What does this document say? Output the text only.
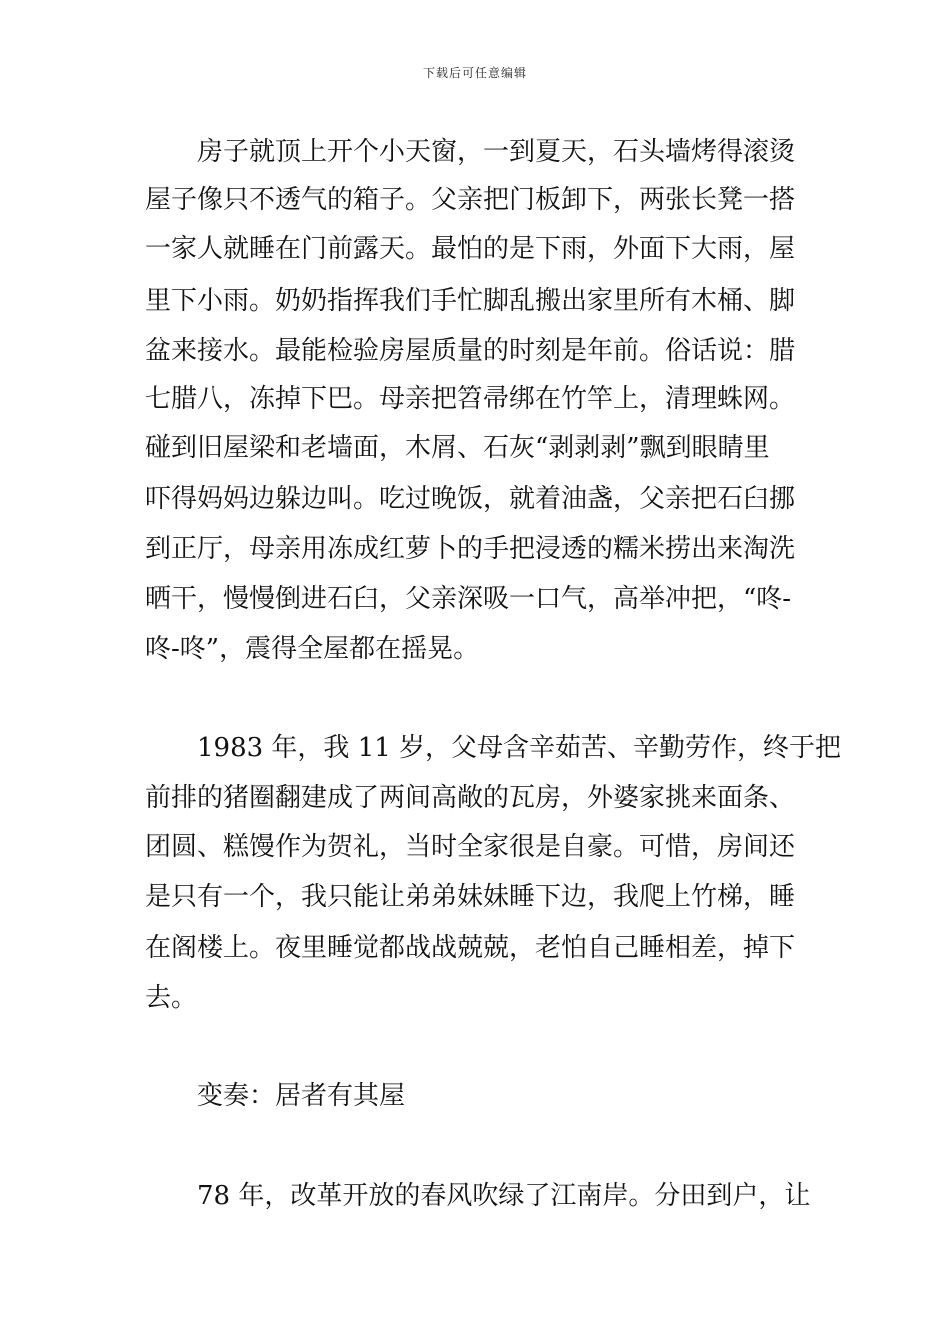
下载后可任意编辑
　　房子就顶上开个小天窗，一到夏天，石头墙烤得滚烫
屋子像只不透气的箱子。父亲把门板卸下，两张长凳一搭
一家人就睡在门前露天。最怕的是下雨，外面下大雨，屋
里下小雨。奶奶指挥我们手忙脚乱搬出家里所有木桶、脚
盆来接水。最能检验房屋质量的时刻是年前。俗话说：腊
七腊八，冻掉下巴。母亲把笤帚绑在竹竿上，清理蛛网。
碰到旧屋梁和老墙面，木屑、石灰“剥剥剥”飘到眼睛里
吓得妈妈边躲边叫。吃过晚饭，就着油盏，父亲把石臼挪
到正厅，母亲用冻成红萝卜的手把浸透的糯米捞出来淘洗
晒干，慢慢倒进石臼，父亲深吸一口气，高举冲把，“咚-
咚-咚”，震得全屋都在摇晃。
　　1983 年，我 11 岁，父母含辛茹苦、辛勤劳作，终于把
前排的猪圈翻建成了两间高敞的瓦房，外婆家挑来面条、
团圆、糕馒作为贺礼，当时全家很是自豪。可惜，房间还
是只有一个，我只能让弟弟妹妹睡下边，我爬上竹梯，睡
在阁楼上。夜里睡觉都战战兢兢，老怕自己睡相差，掉下
去。
　　变奏：居者有其屋
　　78 年，改革开放的春风吹绿了江南岸。分田到户，让
